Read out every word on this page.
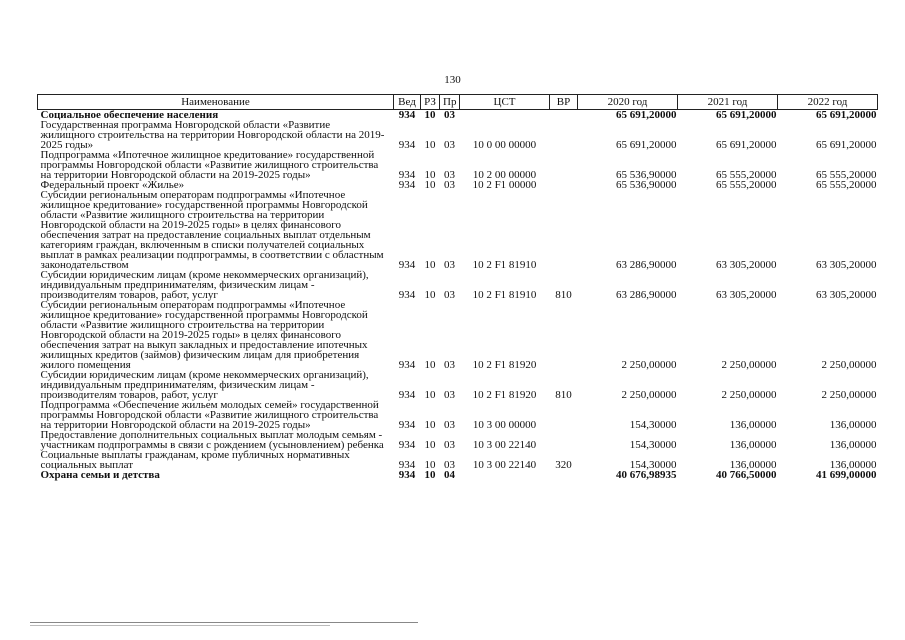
130
Наименование	Вед	РЗ	Пр	ЦСТ	ВР	2020 год	2021 год	2022 год
Социальное обеспечение населения	934	10	03			65 691,20000	65 691,20000	65 691,20000
Государственная программа Новгородской области «Развитие жилищного строительства на территории Новгородской области на 2019-2025 годы»	934	10	03	10 0 00 00000		65 691,20000	65 691,20000	65 691,20000
Подпрограмма «Ипотечное жилищное кредитование» государственной программы Новгородской области «Развитие жилищного строительства на территории Новгородской области на 2019-2025 годы»	934	10	03	10 2 00 00000		65 536,90000	65 555,20000	65 555,20000
Федеральный проект «Жилье»	934	10	03	10 2 F1 00000		65 536,90000	65 555,20000	65 555,20000
Субсидии региональным операторам подпрограммы «Ипотечное жилищное кредитование» государственной программы Новгородской области «Развитие жилищного строительства на территории Новгородской области на 2019-2025 годы» в целях финансового обеспечения затрат на предоставление социальных выплат отдельным категориям граждан, включенным в списки получателей социальных выплат в рамках реализации подпрограммы, в соответствии с областным законодательством	934	10	03	10 2 F1 81910		63 286,90000	63 305,20000	63 305,20000
Субсидии юридическим лицам (кроме некоммерческих организаций), индивидуальным предпринимателям, физическим лицам - производителям товаров, работ, услуг	934	10	03	10 2 F1 81910	810	63 286,90000	63 305,20000	63 305,20000
Субсидии региональным операторам подпрограммы «Ипотечное жилищное кредитование» государственной программы Новгородской области «Развитие жилищного строительства на территории Новгородской области на 2019-2025 годы» в целях финансового обеспечения затрат на выкуп закладных и предоставление ипотечных жилищных кредитов (займов) физическим лицам для приобретения жилого помещения	934	10	03	10 2 F1 81920		2 250,00000	2 250,00000	2 250,00000
Субсидии юридическим лицам (кроме некоммерческих организаций), индивидуальным предпринимателям, физическим лицам - производителям товаров, работ, услуг	934	10	03	10 2 F1 81920	810	2 250,00000	2 250,00000	2 250,00000
Подпрограмма «Обеспечение жильем молодых семей» государственной программы Новгородской области «Развитие жилищного строительства на территории Новгородской области на 2019-2025 годы»	934	10	03	10 3 00 00000		154,30000	136,00000	136,00000
Предоставление дополнительных социальных выплат молодым семьям - участникам подпрограммы в связи с рождением (усыновлением) ребенка	934	10	03	10 3 00 22140		154,30000	136,00000	136,00000
Социальные выплаты гражданам, кроме публичных нормативных социальных выплат	934	10	03	10 3 00 22140	320	154,30000	136,00000	136,00000
Охрана семьи и детства	934	10	04			40 676,98935	40 766,50000	41 699,00000
